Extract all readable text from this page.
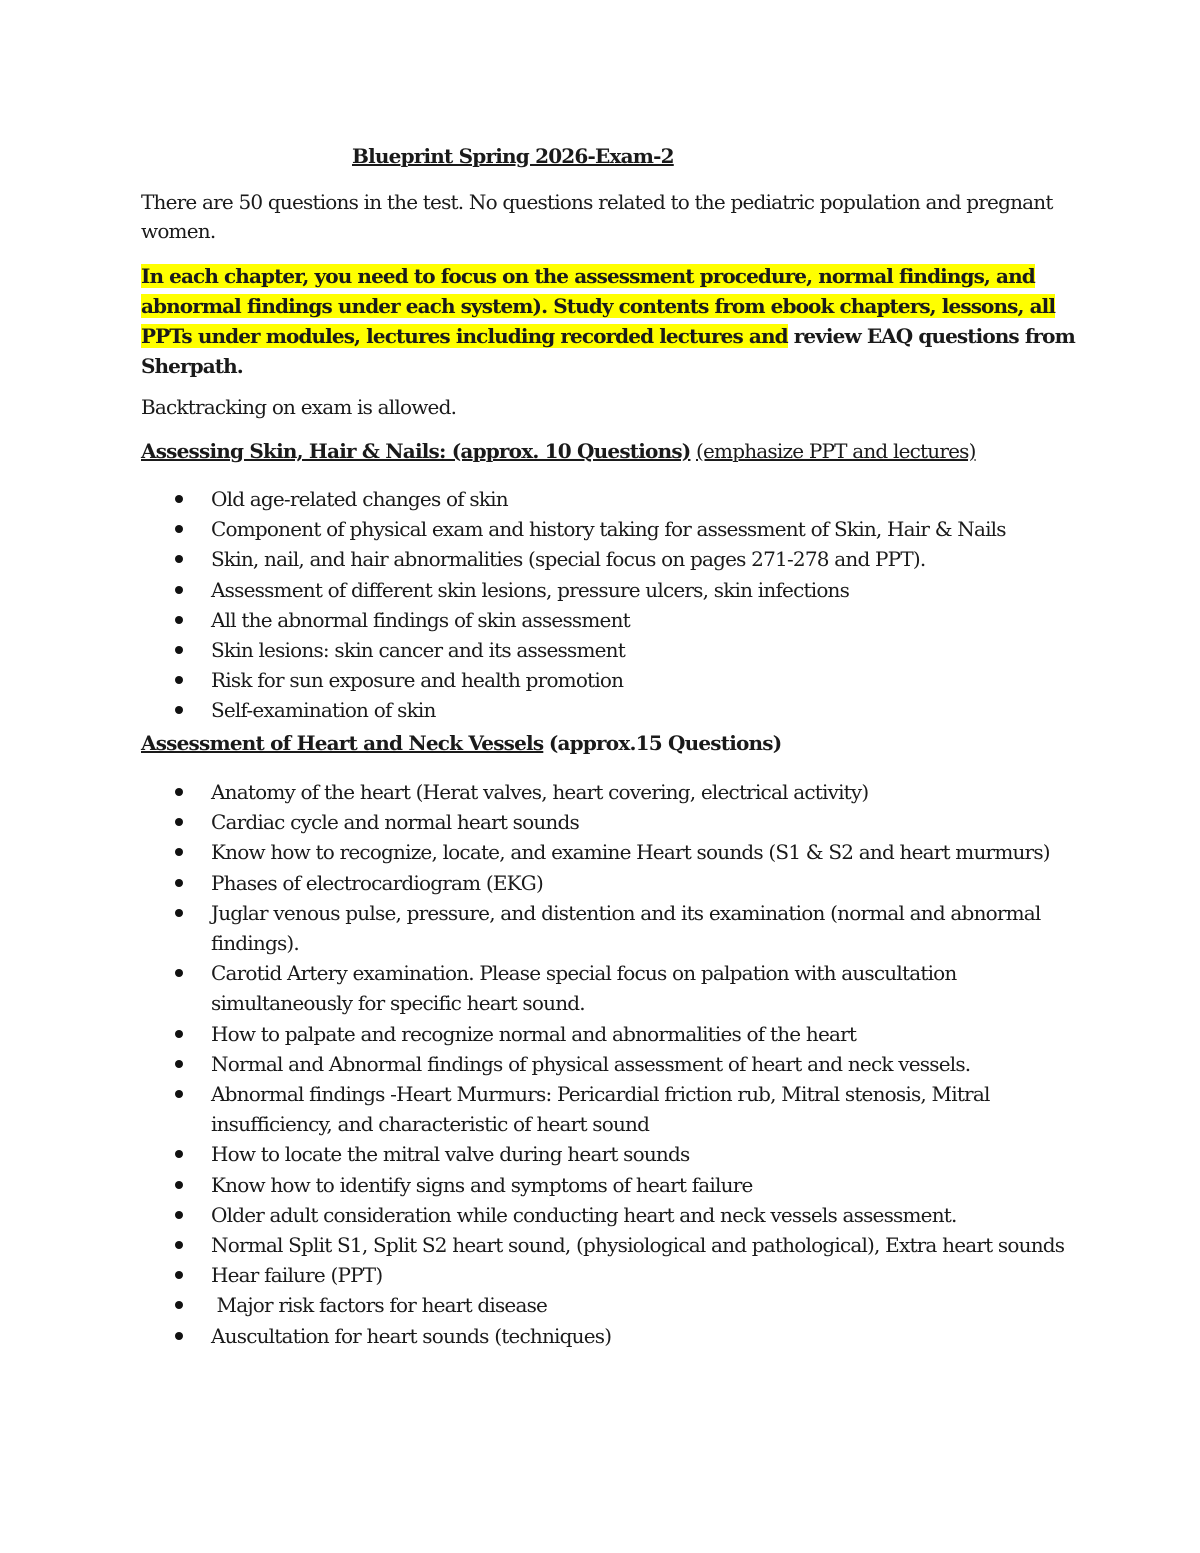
Blueprint Spring 2026-Exam-2
There are 50 questions in the test. No questions related to the pediatric population and pregnant women.
In each chapter, you need to focus on the assessment procedure, normal findings, and abnormal findings under each system). Study contents from ebook chapters, lessons, all PPTs under modules, lectures including recorded lectures and review EAQ questions from Sherpath.
Backtracking on exam is allowed.
Assessing Skin, Hair & Nails: (approx. 10 Questions) (emphasize PPT and lectures)
Old age-related changes of skin
Component of physical exam and history taking for assessment of Skin, Hair & Nails
Skin, nail, and hair abnormalities (special focus on pages 271-278 and PPT).
Assessment of different skin lesions, pressure ulcers, skin infections
All the abnormal findings of skin assessment
Skin lesions: skin cancer and its assessment
Risk for sun exposure and health promotion
Self-examination of skin
Assessment of Heart and Neck Vessels (approx.15 Questions)
Anatomy of the heart (Herat valves, heart covering, electrical activity)
Cardiac cycle and normal heart sounds
Know how to recognize, locate, and examine Heart sounds (S1 & S2 and heart murmurs)
Phases of electrocardiogram (EKG)
Juglar venous pulse, pressure, and distention and its examination (normal and abnormal findings).
Carotid Artery examination. Please special focus on palpation with auscultation simultaneously for specific heart sound.
How to palpate and recognize normal and abnormalities of the heart
Normal and Abnormal findings of physical assessment of heart and neck vessels.
Abnormal findings -Heart Murmurs: Pericardial friction rub, Mitral stenosis, Mitral insufficiency, and characteristic of heart sound
How to locate the mitral valve during heart sounds
Know how to identify signs and symptoms of heart failure
Older adult consideration while conducting heart and neck vessels assessment.
Normal Split S1, Split S2 heart sound, (physiological and pathological), Extra heart sounds
Hear failure (PPT)
Major risk factors for heart disease
Auscultation for heart sounds (techniques)
